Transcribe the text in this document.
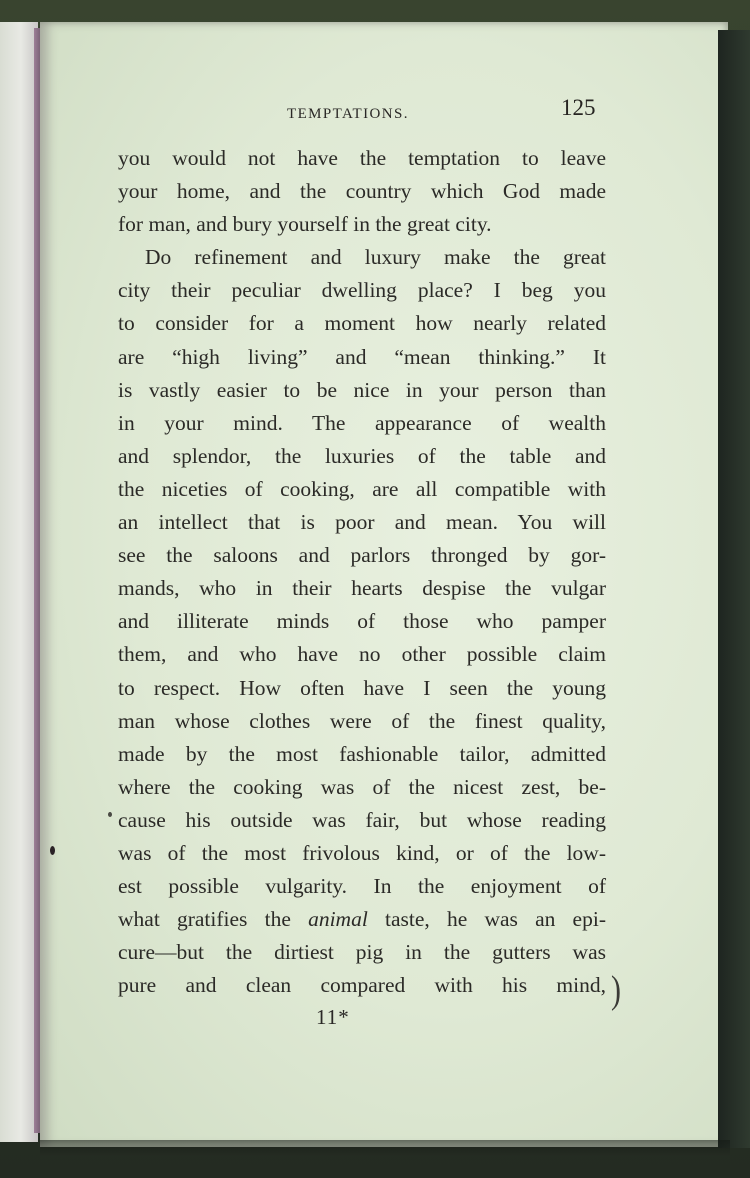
TEMPTATIONS.	125
you would not have the temptation to leave
your home, and the country which God made
for man, and bury yourself in the great city.
Do refinement and luxury make the great
city their peculiar dwelling place? I beg you
to consider for a moment how nearly related
are “high living” and “mean thinking.” It
is vastly easier to be nice in your person than
in your mind. The appearance of wealth
and splendor, the luxuries of the table and
the niceties of cooking, are all compatible with
an intellect that is poor and mean. You will
see the saloons and parlors thronged by gor-
mands, who in their hearts despise the vulgar
and illiterate minds of those who pamper
them, and who have no other possible claim
to respect. How often have I seen the young
man whose clothes were of the finest quality,
made by the most fashionable tailor, admitted
where the cooking was of the nicest zest, be-
cause his outside was fair, but whose reading
was of the most frivolous kind, or of the low-
est possible vulgarity. In the enjoyment of
what gratifies the animal taste, he was an epi-
cure—but the dirtiest pig in the gutters was
pure and clean compared with his mind, )
11*
